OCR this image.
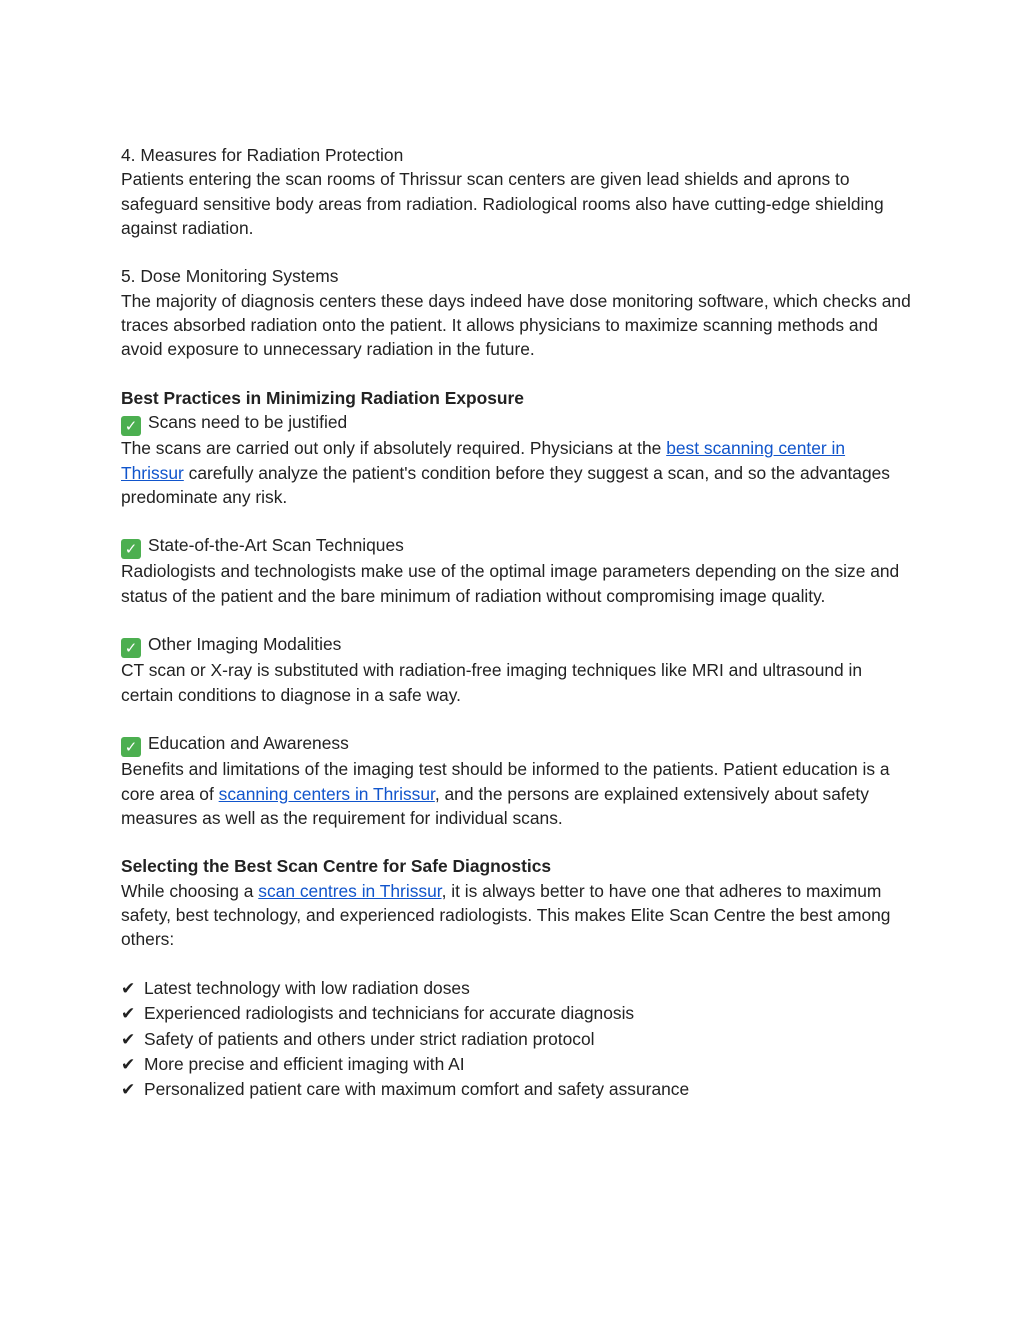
4. Measures for Radiation Protection

Patients entering the scan rooms of Thrissur scan centers are given lead shields and aprons to safeguard sensitive body areas from radiation. Radiological rooms also have cutting-edge shielding against radiation.

5. Dose Monitoring Systems

The majority of diagnosis centers these days indeed have dose monitoring software, which checks and traces absorbed radiation onto the patient. It allows physicians to maximize scanning methods and avoid exposure to unnecessary radiation in the future.

Best Practices in Minimizing Radiation Exposure

✓ Scans need to be justified

The scans are carried out only if absolutely required. Physicians at the best scanning center in Thrissur carefully analyze the patient's condition before they suggest a scan, and so the advantages predominate any risk.

✓ State-of-the-Art Scan Techniques

Radiologists and technologists make use of the optimal image parameters depending on the size and status of the patient and the bare minimum of radiation without compromising image quality.

✓ Other Imaging Modalities

CT scan or X-ray is substituted with radiation-free imaging techniques like MRI and ultrasound in certain conditions to diagnose in a safe way.

✓ Education and Awareness

Benefits and limitations of the imaging test should be informed to the patients. Patient education is a core area of scanning centers in Thrissur, and the persons are explained extensively about safety measures as well as the requirement for individual scans.

Selecting the Best Scan Centre for Safe Diagnostics

While choosing a scan centres in Thrissur, it is always better to have one that adheres to maximum safety, best technology, and experienced radiologists. This makes Elite Scan Centre the best among others:

✔ Latest technology with low radiation doses

✔ Experienced radiologists and technicians for accurate diagnosis

✔ Safety of patients and others under strict radiation protocol

✔ More precise and efficient imaging with AI

✔ Personalized patient care with maximum comfort and safety assurance
